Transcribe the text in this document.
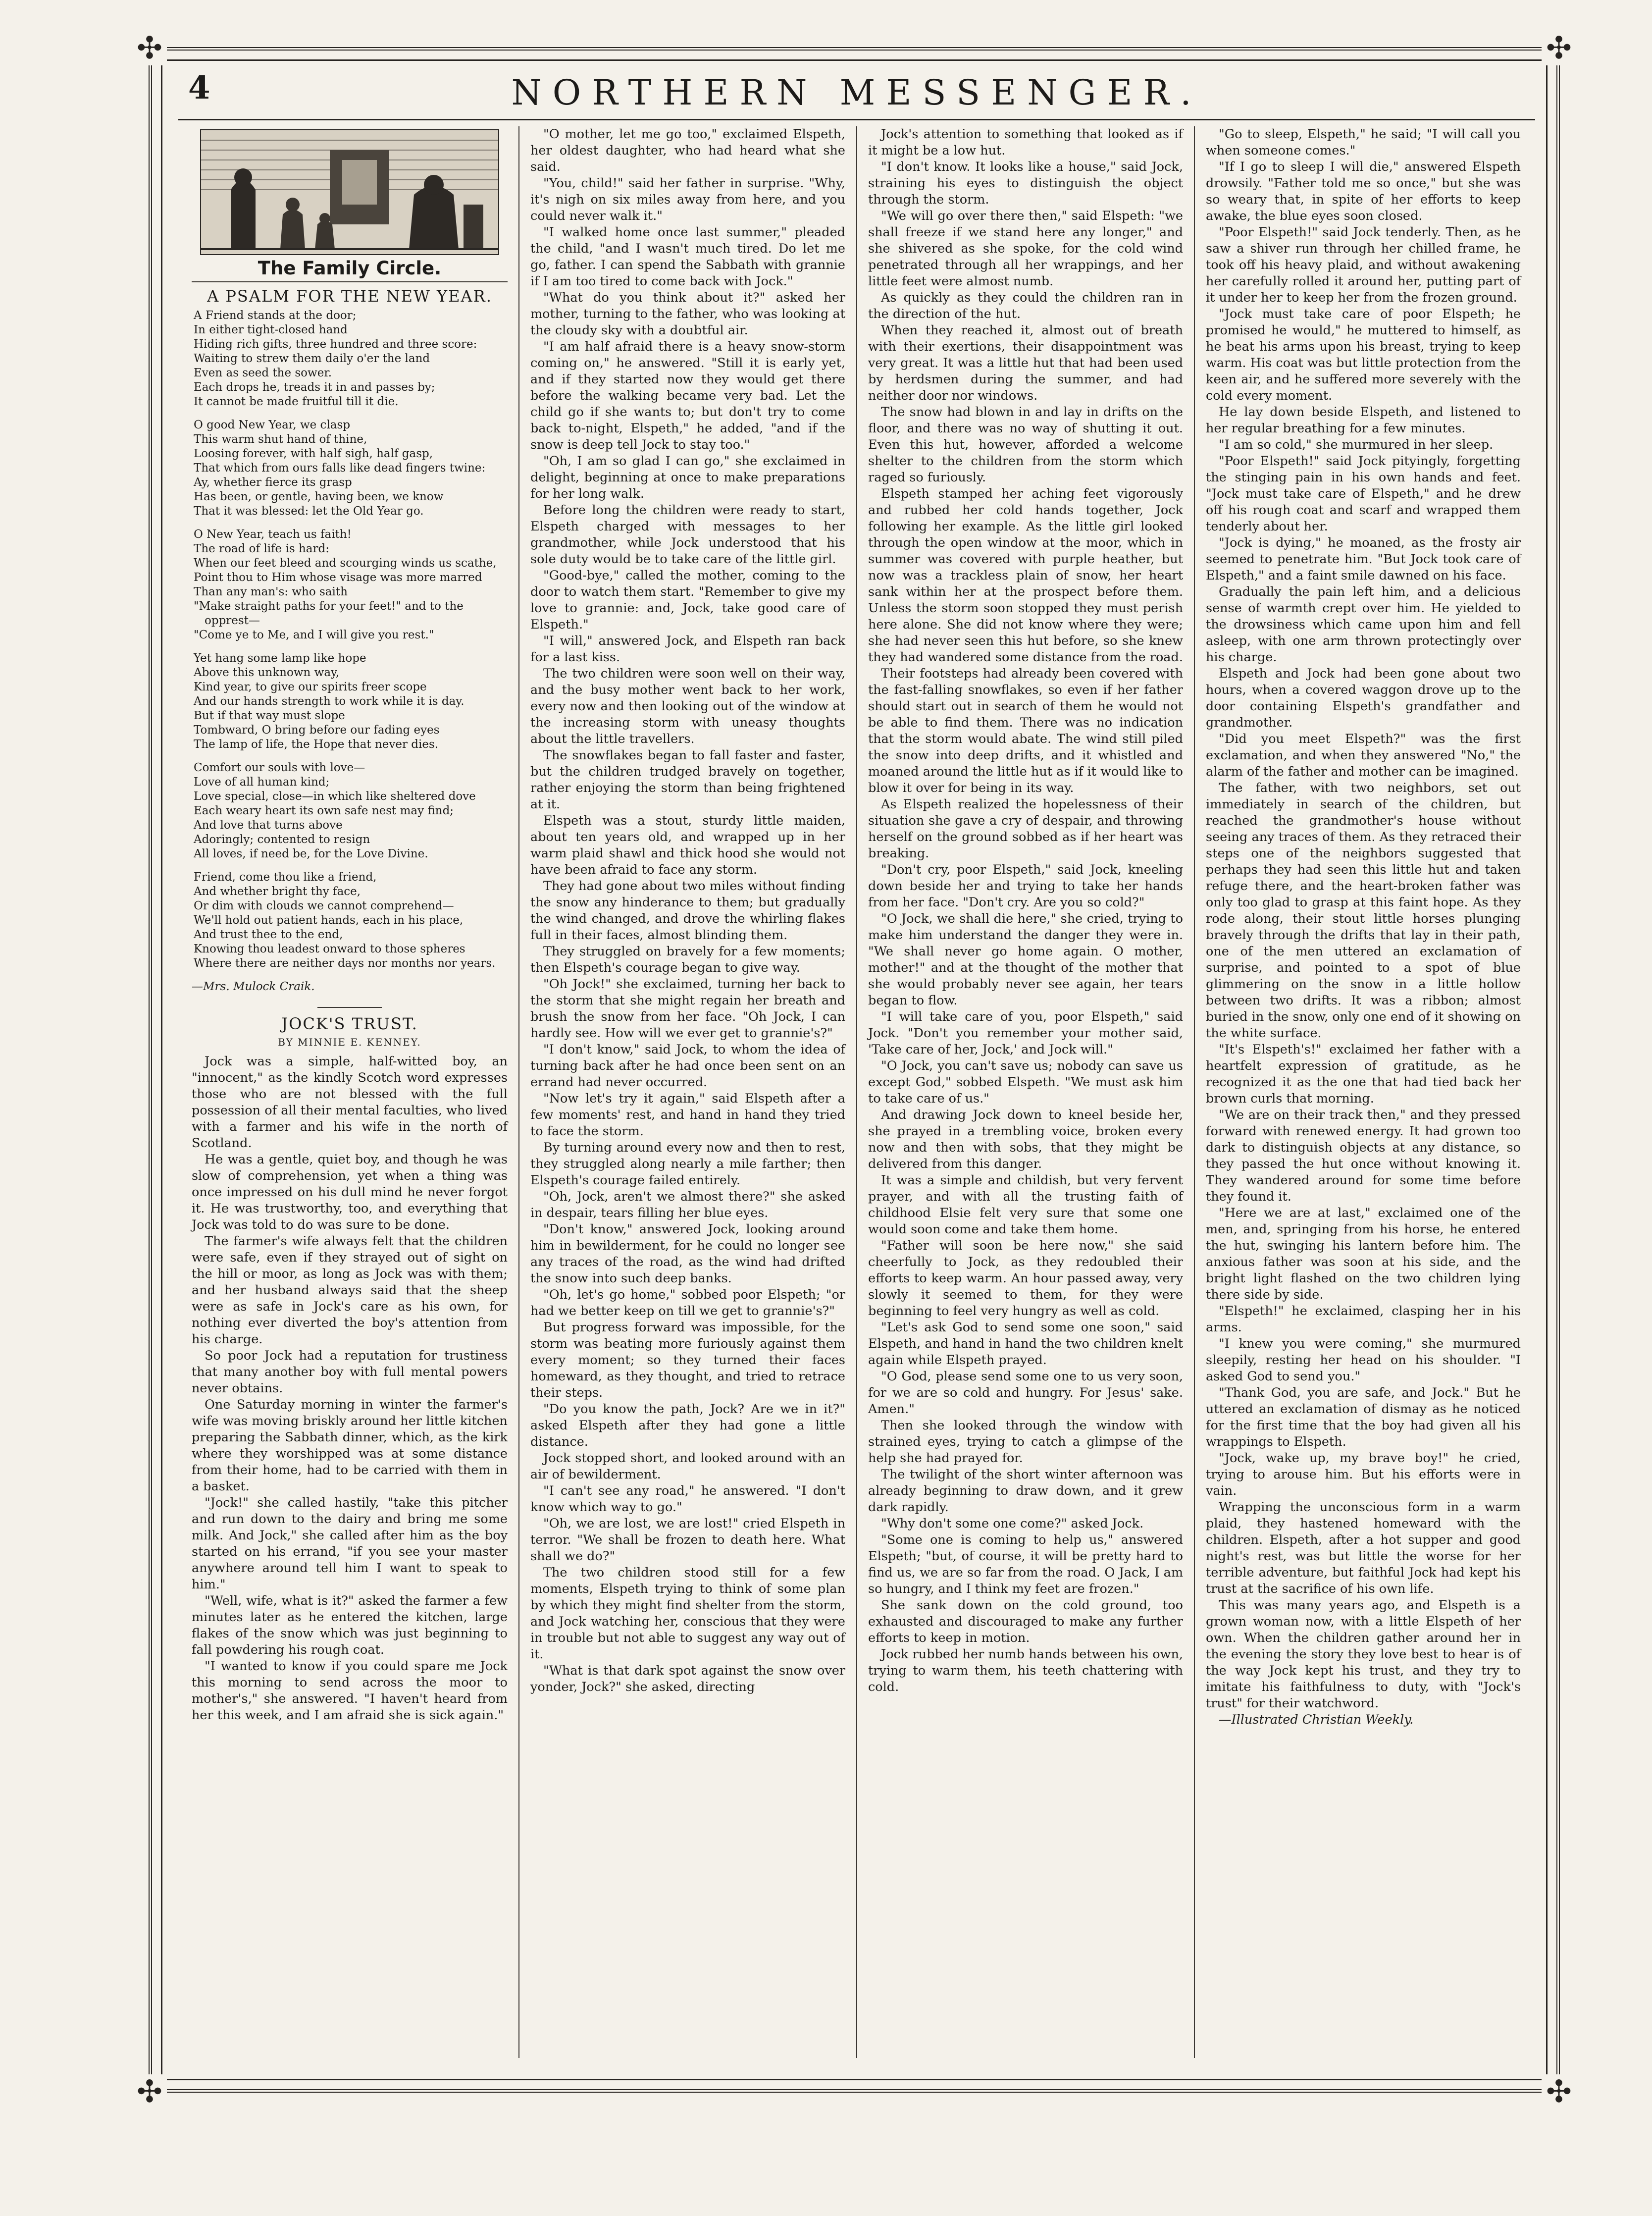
✣	✣
✣	✣
4	NORTHERN MESSENGER.
The Family Circle.
A PSALM FOR THE NEW YEAR.
A Friend stands at the door;
In either tight-closed hand
Hiding rich gifts, three hundred and three score:
Waiting to strew them daily o'er the land
Even as seed the sower.
Each drops he, treads it in and passes by;
It cannot be made fruitful till it die.
O good New Year, we clasp
This warm shut hand of thine,
Loosing forever, with half sigh, half gasp,
That which from ours falls like dead fingers twine:
Ay, whether fierce its grasp
Has been, or gentle, having been, we know
That it was blessed: let the Old Year go.
O New Year, teach us faith!
The road of life is hard:
When our feet bleed and scourging winds us scathe,
Point thou to Him whose visage was more marred
Than any man's: who saith
"Make straight paths for your feet!" and to the opprest—
"Come ye to Me, and I will give you rest."
Yet hang some lamp like hope
Above this unknown way,
Kind year, to give our spirits freer scope
And our hands strength to work while it is day.
But if that way must slope
Tombward, O bring before our fading eyes
The lamp of life, the Hope that never dies.
Comfort our souls with love—
Love of all human kind;
Love special, close—in which like sheltered dove
Each weary heart its own safe nest may find;
And love that turns above
Adoringly; contented to resign
All loves, if need be, for the Love Divine.
Friend, come thou like a friend,
And whether bright thy face,
Or dim with clouds we cannot comprehend—
We'll hold out patient hands, each in his place,
And trust thee to the end,
Knowing thou leadest onward to those spheres
Where there are neither days nor months nor years.
—Mrs. Mulock Craik.
JOCK'S TRUST.
BY MINNIE E. KENNEY.

Jock was a simple, half-witted boy, an "innocent," as the kindly Scotch word expresses those who are not blessed with the full possession of all their mental faculties, who lived with a farmer and his wife in the north of Scotland.

He was a gentle, quiet boy, and though he was slow of comprehension, yet when a thing was once impressed on his dull mind he never forgot it. He was trustworthy, too, and everything that Jock was told to do was sure to be done.

The farmer's wife always felt that the children were safe, even if they strayed out of sight on the hill or moor, as long as Jock was with them; and her husband always said that the sheep were as safe in Jock's care as his own, for nothing ever diverted the boy's attention from his charge.

So poor Jock had a reputation for trustiness that many another boy with full mental powers never obtains.

One Saturday morning in winter the farmer's wife was moving briskly around her little kitchen preparing the Sabbath dinner, which, as the kirk where they worshipped was at some distance from their home, had to be carried with them in a basket.

"Jock!" she called hastily, "take this pitcher and run down to the dairy and bring me some milk. And Jock," she called after him as the boy started on his errand, "if you see your master anywhere around tell him I want to speak to him."

"Well, wife, what is it?" asked the farmer a few minutes later as he entered the kitchen, large flakes of the snow which was just beginning to fall powdering his rough coat.

"I wanted to know if you could spare me Jock this morning to send across the moor to mother's," she answered. "I haven't heard from her this week, and I am afraid she is sick again."

"O mother, let me go too," exclaimed Elspeth, her oldest daughter, who had heard what she said.

"You, child!" said her father in surprise. "Why, it's nigh on six miles away from here, and you could never walk it."

"I walked home once last summer," pleaded the child, "and I wasn't much tired. Do let me go, father. I can spend the Sabbath with grannie if I am too tired to come back with Jock."

"What do you think about it?" asked her mother, turning to the father, who was looking at the cloudy sky with a doubtful air.

"I am half afraid there is a heavy snow-storm coming on," he answered. "Still it is early yet, and if they started now they would get there before the walking became very bad. Let the child go if she wants to; but don't try to come back to-night, Elspeth," he added, "and if the snow is deep tell Jock to stay too."

"Oh, I am so glad I can go," she exclaimed in delight, beginning at once to make preparations for her long walk.

Before long the children were ready to start, Elspeth charged with messages to her grandmother, while Jock understood that his sole duty would be to take care of the little girl.

"Good-bye," called the mother, coming to the door to watch them start. "Remember to give my love to grannie: and, Jock, take good care of Elspeth."

"I will," answered Jock, and Elspeth ran back for a last kiss.

The two children were soon well on their way, and the busy mother went back to her work, every now and then looking out of the window at the increasing storm with uneasy thoughts about the little travellers.

The snowflakes began to fall faster and faster, but the children trudged bravely on together, rather enjoying the storm than being frightened at it.

Elspeth was a stout, sturdy little maiden, about ten years old, and wrapped up in her warm plaid shawl and thick hood she would not have been afraid to face any storm.

They had gone about two miles without finding the snow any hinderance to them; but gradually the wind changed, and drove the whirling flakes full in their faces, almost blinding them.

They struggled on bravely for a few moments; then Elspeth's courage began to give way.

"Oh Jock!" she exclaimed, turning her back to the storm that she might regain her breath and brush the snow from her face. "Oh Jock, I can hardly see. How will we ever get to grannie's?"

"I don't know," said Jock, to whom the idea of turning back after he had once been sent on an errand had never occurred.

"Now let's try it again," said Elspeth after a few moments' rest, and hand in hand they tried to face the storm.

By turning around every now and then to rest, they struggled along nearly a mile farther; then Elspeth's courage failed entirely.

"Oh, Jock, aren't we almost there?" she asked in despair, tears filling her blue eyes.

"Don't know," answered Jock, looking around him in bewilderment, for he could no longer see any traces of the road, as the wind had drifted the snow into such deep banks.

"Oh, let's go home," sobbed poor Elspeth; "or had we better keep on till we get to grannie's?"

But progress forward was impossible, for the storm was beating more furiously against them every moment; so they turned their faces homeward, as they thought, and tried to retrace their steps.

"Do you know the path, Jock? Are we in it?" asked Elspeth after they had gone a little distance.

Jock stopped short, and looked around with an air of bewilderment.

"I can't see any road," he answered. "I don't know which way to go."

"Oh, we are lost, we are lost!" cried Elspeth in terror. "We shall be frozen to death here. What shall we do?"

The two children stood still for a few moments, Elspeth trying to think of some plan by which they might find shelter from the storm, and Jock watching her, conscious that they were in trouble but not able to suggest any way out of it.

"What is that dark spot against the snow over yonder, Jock?" she asked, directing

Jock's attention to something that looked as if it might be a low hut.

"I don't know. It looks like a house," said Jock, straining his eyes to distinguish the object through the storm.

"We will go over there then," said Elspeth: "we shall freeze if we stand here any longer," and she shivered as she spoke, for the cold wind penetrated through all her wrappings, and her little feet were almost numb.

As quickly as they could the children ran in the direction of the hut.

When they reached it, almost out of breath with their exertions, their disappointment was very great. It was a little hut that had been used by herdsmen during the summer, and had neither door nor windows.

The snow had blown in and lay in drifts on the floor, and there was no way of shutting it out. Even this hut, however, afforded a welcome shelter to the children from the storm which raged so furiously.

Elspeth stamped her aching feet vigorously and rubbed her cold hands together, Jock following her example. As the little girl looked through the open window at the moor, which in summer was covered with purple heather, but now was a trackless plain of snow, her heart sank within her at the prospect before them. Unless the storm soon stopped they must perish here alone. She did not know where they were; she had never seen this hut before, so she knew they had wandered some distance from the road.

Their footsteps had already been covered with the fast-falling snowflakes, so even if her father should start out in search of them he would not be able to find them. There was no indication that the storm would abate. The wind still piled the snow into deep drifts, and it whistled and moaned around the little hut as if it would like to blow it over for being in its way.

As Elspeth realized the hopelessness of their situation she gave a cry of despair, and throwing herself on the ground sobbed as if her heart was breaking.

"Don't cry, poor Elspeth," said Jock, kneeling down beside her and trying to take her hands from her face. "Don't cry. Are you so cold?"

"O Jock, we shall die here," she cried, trying to make him understand the danger they were in. "We shall never go home again. O mother, mother!" and at the thought of the mother that she would probably never see again, her tears began to flow.

"I will take care of you, poor Elspeth," said Jock. "Don't you remember your mother said, 'Take care of her, Jock,' and Jock will."

"O Jock, you can't save us; nobody can save us except God," sobbed Elspeth. "We must ask him to take care of us."

And drawing Jock down to kneel beside her, she prayed in a trembling voice, broken every now and then with sobs, that they might be delivered from this danger.

It was a simple and childish, but very fervent prayer, and with all the trusting faith of childhood Elsie felt very sure that some one would soon come and take them home.

"Father will soon be here now," she said cheerfully to Jock, as they redoubled their efforts to keep warm. An hour passed away, very slowly it seemed to them, for they were beginning to feel very hungry as well as cold.

"Let's ask God to send some one soon," said Elspeth, and hand in hand the two children knelt again while Elspeth prayed.

"O God, please send some one to us very soon, for we are so cold and hungry. For Jesus' sake. Amen."

Then she looked through the window with strained eyes, trying to catch a glimpse of the help she had prayed for.

The twilight of the short winter afternoon was already beginning to draw down, and it grew dark rapidly.

"Why don't some one come?" asked Jock.

"Some one is coming to help us," answered Elspeth; "but, of course, it will be pretty hard to find us, we are so far from the road. O Jack, I am so hungry, and I think my feet are frozen."

She sank down on the cold ground, too exhausted and discouraged to make any further efforts to keep in motion.

Jock rubbed her numb hands between his own, trying to warm them, his teeth chattering with cold.

"Go to sleep, Elspeth," he said; "I will call you when someone comes."

"If I go to sleep I will die," answered Elspeth drowsily. "Father told me so once," but she was so weary that, in spite of her efforts to keep awake, the blue eyes soon closed.

"Poor Elspeth!" said Jock tenderly. Then, as he saw a shiver run through her chilled frame, he took off his heavy plaid, and without awakening her carefully rolled it around her, putting part of it under her to keep her from the frozen ground.

"Jock must take care of poor Elspeth; he promised he would," he muttered to himself, as he beat his arms upon his breast, trying to keep warm. His coat was but little protection from the keen air, and he suffered more severely with the cold every moment.

He lay down beside Elspeth, and listened to her regular breathing for a few minutes.

"I am so cold," she murmured in her sleep.

"Poor Elspeth!" said Jock pityingly, forgetting the stinging pain in his own hands and feet. "Jock must take care of Elspeth," and he drew off his rough coat and scarf and wrapped them tenderly about her.

"Jock is dying," he moaned, as the frosty air seemed to penetrate him. "But Jock took care of Elspeth," and a faint smile dawned on his face.

Gradually the pain left him, and a delicious sense of warmth crept over him. He yielded to the drowsiness which came upon him and fell asleep, with one arm thrown protectingly over his charge.

Elspeth and Jock had been gone about two hours, when a covered waggon drove up to the door containing Elspeth's grandfather and grandmother.

"Did you meet Elspeth?" was the first exclamation, and when they answered "No," the alarm of the father and mother can be imagined.

The father, with two neighbors, set out immediately in search of the children, but reached the grandmother's house without seeing any traces of them. As they retraced their steps one of the neighbors suggested that perhaps they had seen this little hut and taken refuge there, and the heart-broken father was only too glad to grasp at this faint hope. As they rode along, their stout little horses plunging bravely through the drifts that lay in their path, one of the men uttered an exclamation of surprise, and pointed to a spot of blue glimmering on the snow in a little hollow between two drifts. It was a ribbon; almost buried in the snow, only one end of it showing on the white surface.

"It's Elspeth's!" exclaimed her father with a heartfelt expression of gratitude, as he recognized it as the one that had tied back her brown curls that morning.

"We are on their track then," and they pressed forward with renewed energy. It had grown too dark to distinguish objects at any distance, so they passed the hut once without knowing it. They wandered around for some time before they found it.

"Here we are at last," exclaimed one of the men, and, springing from his horse, he entered the hut, swinging his lantern before him. The anxious father was soon at his side, and the bright light flashed on the two children lying there side by side.

"Elspeth!" he exclaimed, clasping her in his arms.

"I knew you were coming," she murmured sleepily, resting her head on his shoulder. "I asked God to send you."

"Thank God, you are safe, and Jock." But he uttered an exclamation of dismay as he noticed for the first time that the boy had given all his wrappings to Elspeth.

"Jock, wake up, my brave boy!" he cried, trying to arouse him. But his efforts were in vain.

Wrapping the unconscious form in a warm plaid, they hastened homeward with the children. Elspeth, after a hot supper and good night's rest, was but little the worse for her terrible adventure, but faithful Jock had kept his trust at the sacrifice of his own life.

This was many years ago, and Elspeth is a grown woman now, with a little Elspeth of her own. When the children gather around her in the evening the story they love best to hear is of the way Jock kept his trust, and they try to imitate his faithfulness to duty, with "Jock's trust" for their watchword.

—Illustrated Christian Weekly.
